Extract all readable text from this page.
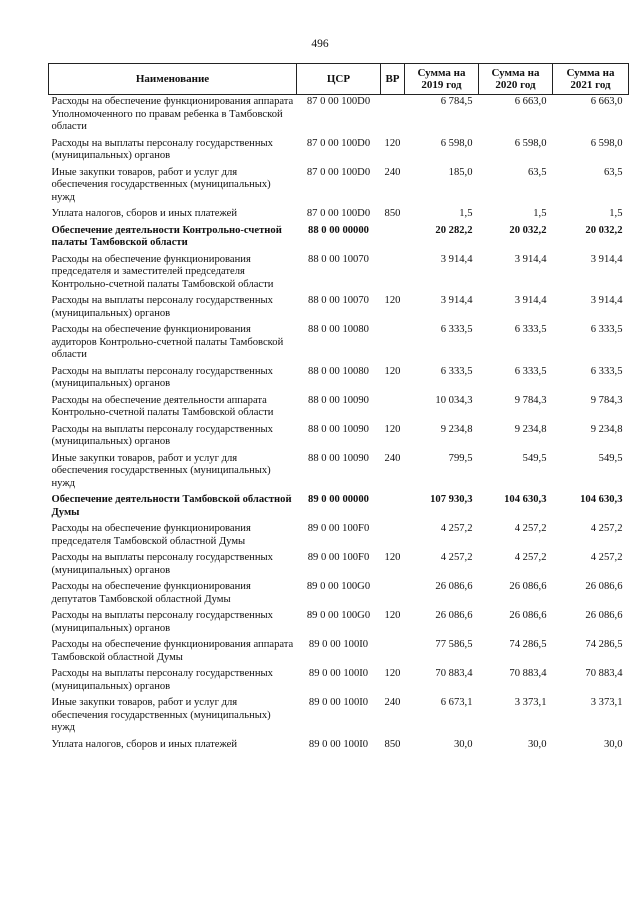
496
Наименование	ЦСР	ВР	Сумма на 2019 год	Сумма на 2020 год	Сумма на 2021 год
Расходы на обеспечение функционирования аппарата Уполномоченного по правам ребенка в Тамбовской области	87 0 00 100D0		6 784,5	6 663,0	6 663,0
Расходы на выплаты персоналу государственных (муниципальных) органов	87 0 00 100D0	120	6 598,0	6 598,0	6 598,0
Иные закупки товаров, работ и услуг для обеспечения государственных (муниципальных) нужд	87 0 00 100D0	240	185,0	63,5	63,5
Уплата налогов, сборов и иных платежей	87 0 00 100D0	850	1,5	1,5	1,5
Обеспечение деятельности Контрольно-счетной палаты Тамбовской области	88 0 00 00000		20 282,2	20 032,2	20 032,2
Расходы на обеспечение функционирования председателя и заместителей председателя Контрольно-счетной палаты Тамбовской области	88 0 00 10070		3 914,4	3 914,4	3 914,4
Расходы на выплаты персоналу государственных (муниципальных) органов	88 0 00 10070	120	3 914,4	3 914,4	3 914,4
Расходы на обеспечение функционирования аудиторов Контрольно-счетной палаты Тамбовской области	88 0 00 10080		6 333,5	6 333,5	6 333,5
Расходы на выплаты персоналу государственных (муниципальных) органов	88 0 00 10080	120	6 333,5	6 333,5	6 333,5
Расходы на обеспечение деятельности аппарата Контрольно-счетной палаты Тамбовской области	88 0 00 10090		10 034,3	9 784,3	9 784,3
Расходы на выплаты персоналу государственных (муниципальных) органов	88 0 00 10090	120	9 234,8	9 234,8	9 234,8
Иные закупки товаров, работ и услуг для обеспечения государственных (муниципальных) нужд	88 0 00 10090	240	799,5	549,5	549,5
Обеспечение деятельности Тамбовской областной Думы	89 0 00 00000		107 930,3	104 630,3	104 630,3
Расходы на обеспечение функционирования председателя Тамбовской областной Думы	89 0 00 100F0		4 257,2	4 257,2	4 257,2
Расходы на выплаты персоналу государственных (муниципальных) органов	89 0 00 100F0	120	4 257,2	4 257,2	4 257,2
Расходы на обеспечение функционирования депутатов Тамбовской областной Думы	89 0 00 100G0		26 086,6	26 086,6	26 086,6
Расходы на выплаты персоналу государственных (муниципальных) органов	89 0 00 100G0	120	26 086,6	26 086,6	26 086,6
Расходы на обеспечение функционирования аппарата Тамбовской областной Думы	89 0 00 100I0		77 586,5	74 286,5	74 286,5
Расходы на выплаты персоналу государственных (муниципальных) органов	89 0 00 100I0	120	70 883,4	70 883,4	70 883,4
Иные закупки товаров, работ и услуг для обеспечения государственных (муниципальных) нужд	89 0 00 100I0	240	6 673,1	3 373,1	3 373,1
Уплата налогов, сборов и иных платежей	89 0 00 100I0	850	30,0	30,0	30,0
